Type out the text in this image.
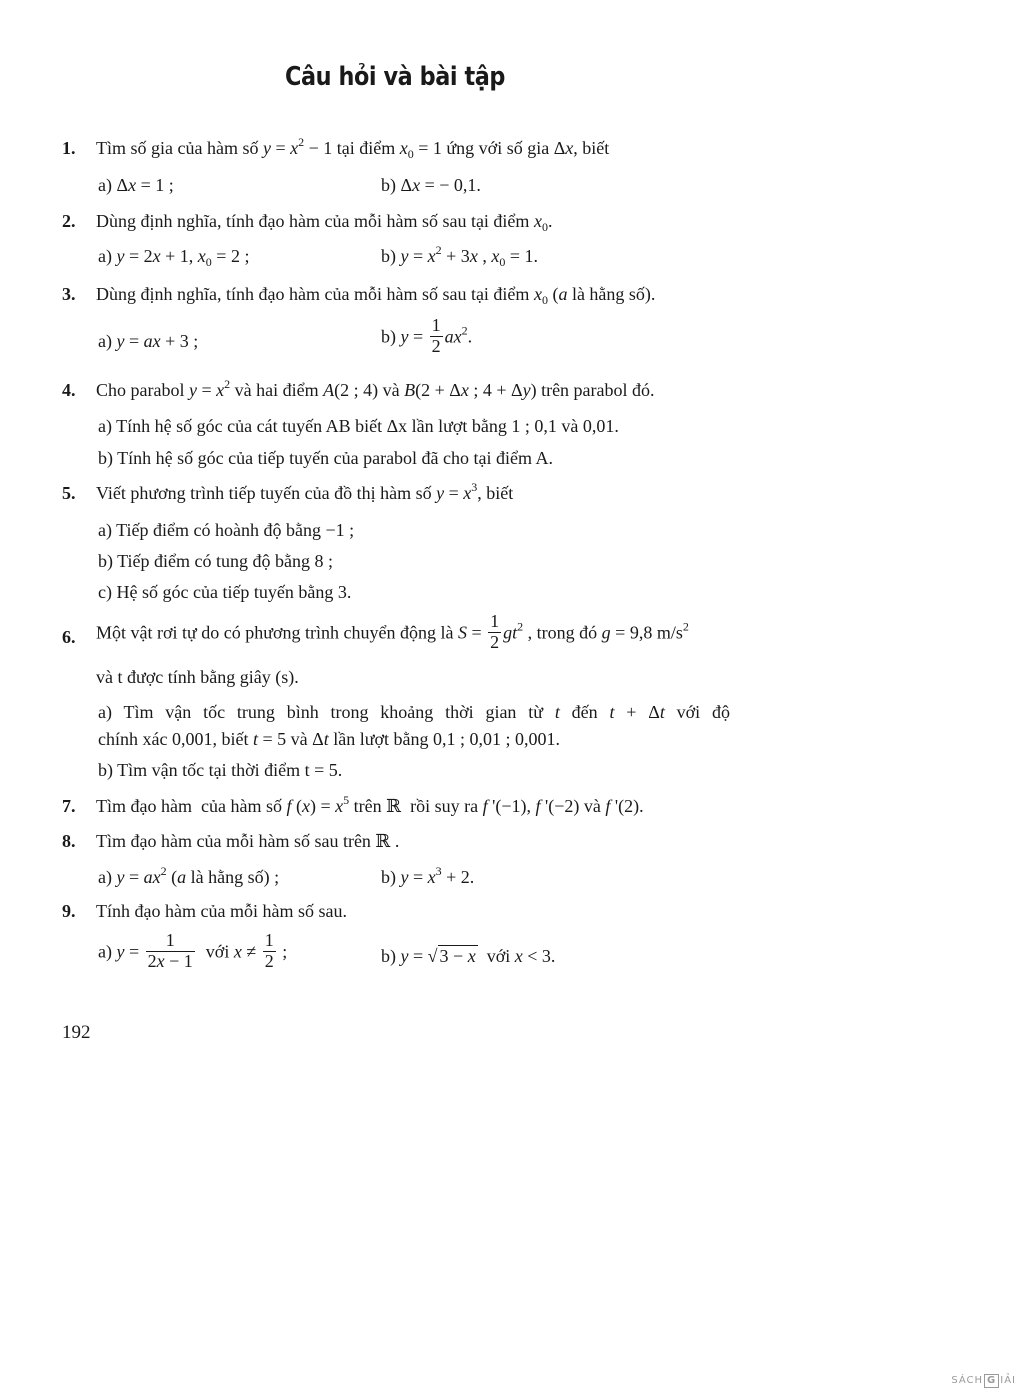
Câu hỏi và bài tập
1. Tìm số gia của hàm số $y = x^2 - 1$ tại điểm $x_0 = 1$ ứng với số gia Δx, biết
a) Δx = 1 ;	b) Δx = − 0,1.
2. Dùng định nghĩa, tính đạo hàm của mỗi hàm số sau tại điểm $x_0$.
a) y = 2x + 1, $x_0 = 2$ ;	b) $y = x^2 + 3x$ , $x_0 = 1$.
3. Dùng định nghĩa, tính đạo hàm của mỗi hàm số sau tại điểm $x_0$ (a là hằng số).
a) y = ax + 3 ;	b) $y = \frac{1}{2} ax^2$.
4. Cho parabol $y = x^2$ và hai điểm A(2 ; 4) và B(2 + Δx ; 4 + Δy) trên parabol đó.
a) Tính hệ số góc của cát tuyến AB biết Δx lần lượt bằng 1 ; 0,1 và 0,01.
b) Tính hệ số góc của tiếp tuyến của parabol đã cho tại điểm A.
5. Viết phương trình tiếp tuyến của đồ thị hàm số $y = x^3$, biết
a) Tiếp điểm có hoành độ bằng −1 ;
b) Tiếp điểm có tung độ bằng 8 ;
c) Hệ số góc của tiếp tuyến bằng 3.
6. Một vật rơi tự do có phương trình chuyển động là $S = \frac{1}{2} gt^2$ , trong đó g = 9,8 $m/s^2$
và t được tính bằng giây (s).
a) Tìm vận tốc trung bình trong khoảng thời gian từ t đến t + Δt với độ
chính xác 0,001, biết t = 5 và Δt lần lượt bằng 0,1 ; 0,01 ; 0,001.
b) Tìm vận tốc tại thời điểm t = 5.
7. Tìm đạo hàm  của hàm số f $(x) = x^5$ trên ℝ  rồi suy ra f '(−1), f '(−2) và f '(2).
8. Tìm đạo hàm của mỗi hàm số sau trên ℝ .
a) $y = ax^2$ (a là hằng số) ;	b) $y = x^3 + 2$.
9. Tính đạo hàm của mỗi hàm số sau.
a) $y = \frac{1}{2x - 1}$ với $x \ne \frac{1}{2}$ ;	b) y = √ 3 − x  với x < 3.
192
SÁCH G IẢI
